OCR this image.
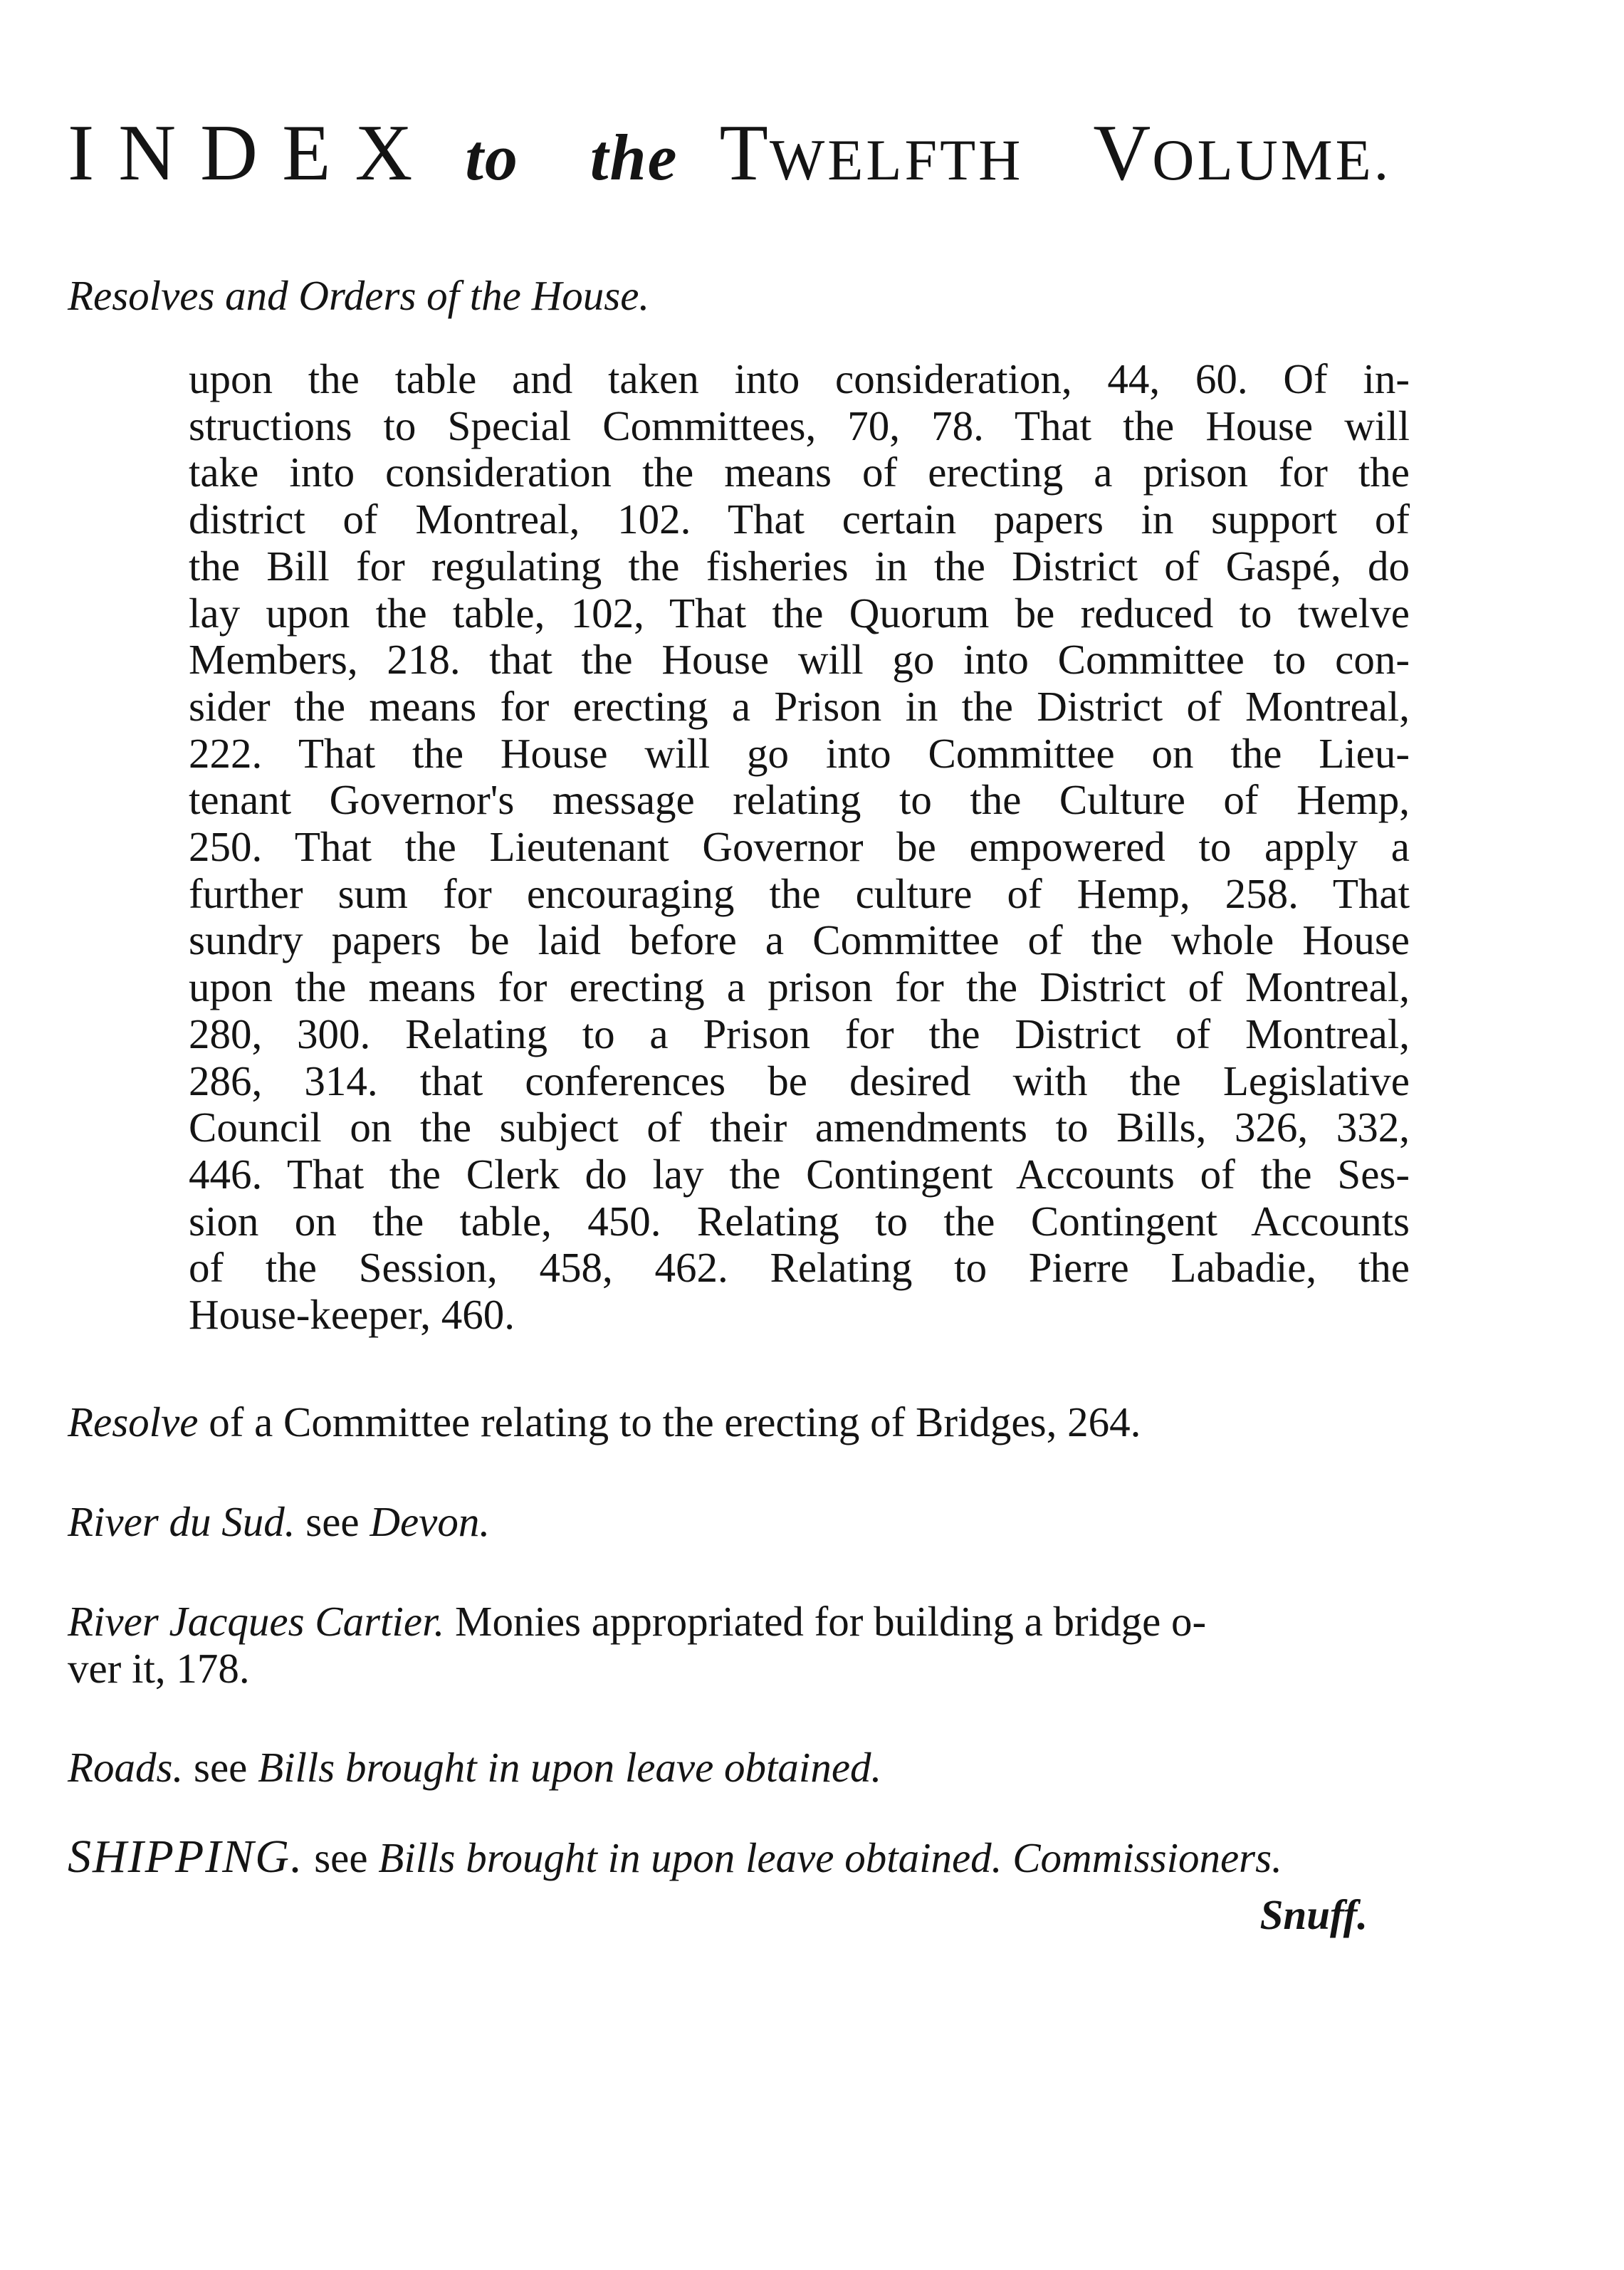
INDEX to the TWELFTH VOLUME.
Resolves and Orders of the House.
upon the table and taken into consideration, 44, 60. Of in-
structions to Special Committees, 70, 78. That the House will
take into consideration the means of erecting a prison for the
district of Montreal, 102. That certain papers in support of
the Bill for regulating the fisheries in the District of Gaspé, do
lay upon the table, 102, That the Quorum be reduced to twelve
Members, 218. that the House will go into Committee to con-
sider the means for erecting a Prison in the District of Montreal,
222. That the House will go into Committee on the Lieu-
tenant Governor's message relating to the Culture of Hemp,
250. That the Lieutenant Governor be empowered to apply a
further sum for encouraging the culture of Hemp, 258. That
sundry papers be laid before a Committee of the whole House
upon the means for erecting a prison for the District of Montreal,
280, 300. Relating to a Prison for the District of Montreal,
286, 314. that conferences be desired with the Legislative
Council on the subject of their amendments to Bills, 326, 332,
446. That the Clerk do lay the Contingent Accounts of the Ses-
sion on the table, 450. Relating to the Contingent Accounts
of the Session, 458, 462. Relating to Pierre Labadie, the
House-keeper, 460.
Resolve of a Committee relating to the erecting of Bridges, 264.
River du Sud. see Devon.
River Jacques Cartier. Monies appropriated for building a bridge o-
ver it, 178.
Roads. see Bills brought in upon leave obtained.
SHIPPING. see Bills brought in upon leave obtained. Commissioners.
Snuff.
